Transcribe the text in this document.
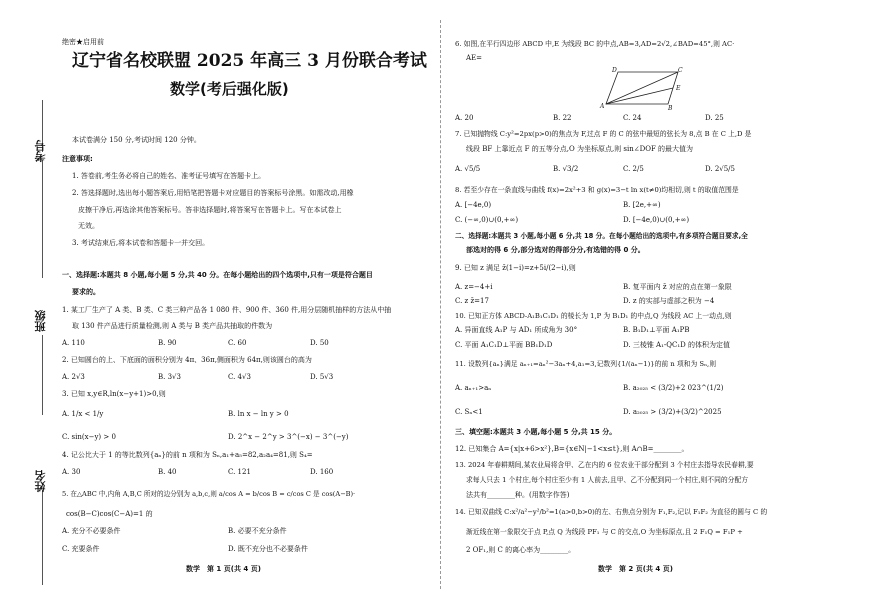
考号
班级
姓名
绝密★启用前
辽宁省名校联盟 2025 年高三 3 月份联合考试
数学(考后强化版)
本试卷满分 150 分,考试时间 120 分钟。
注意事项:
1. 答卷前,考生务必将自己的姓名、准考证号填写在答题卡上。
2. 答选择题时,选出每小题答案后,用铅笔把答题卡对应题目的答案标号涂黑。如需改动,用橡
皮擦干净后,再选涂其他答案标号。答非选择题时,将答案写在答题卡上。写在本试卷上
无效。
3. 考试结束后,将本试卷和答题卡一并交回。
一、选择题:本题共 8 小题,每小题 5 分,共 40 分。在每小题给出的四个选项中,只有一项是符合题目
要求的。
1. 某工厂生产了 A 类、B 类、C 类三种产品各 1 080 件、900 件、360 件,用分层随机抽样的方法从中抽
取 130 件产品进行质量检测,则 A 类与 B 类产品共抽取的件数为
A. 110	B. 90	C. 60	D. 50
2. 已知圆台的上、下底面的面积分别为 4π、36π,侧面积为 64π,则该圆台的高为
A. 2√3	B. 3√3	C. 4√3	D. 5√3
3. 已知 x,y∈R,ln(x−y+1)>0,则
A. 1/x < 1/y	B. ln x − ln y > 0
C. sin(x−y) > 0	D. 2^x − 2^y > 3^(−x) − 3^(−y)
4. 记公比大于 1 的等比数列{aₙ}的前 n 项和为 Sₙ,a₁+a₅=82,a₂a₄=81,则 S₄=
A. 30	B. 40	C. 121	D. 160
5. 在△ABC 中,内角 A,B,C 所对的边分别为 a,b,c,则 a/cos A = b/cos B = c/cos C 是 cos(A−B)·
cos(B−C)cos(C−A)=1 的
A. 充分不必要条件	B. 必要不充分条件
C. 充要条件	D. 既不充分也不必要条件
数学　第 1 页(共 4 页)
6. 如图,在平行四边形 ABCD 中,E 为线段 BC 的中点,AB=3,AD=2√2,∠BAD=45°,则 AC·
AE=
A	B
C
D
E
A. 20	B. 22	C. 24	D. 25
7. 已知抛物线 C:y²=2px(p>0)的焦点为 F,过点 F 的 C 的弦中最短的弦长为 8,点 B 在 C 上,D 是
线段 BF 上靠近点 F 的五等分点,O 为坐标原点,则 sin∠DOF 的最大值为
A. √5/5	B. √3/2	C. 2/5	D. 2√5/5
8. 若至少存在一条直线与曲线 f(x)=2x²+3 和 g(x)=3−t ln x(t≠0)均相切,则 t 的取值范围是
A. [−4e,0)	B. [2e,+∞)
C. (−∞,0)∪(0,+∞)	D. [−4e,0)∪(0,+∞)
二、选择题:本题共 3 小题,每小题 6 分,共 18 分。在每小题给出的选项中,有多项符合题目要求,全
部选对的得 6 分,部分选对的得部分分,有选错的得 0 分。
9. 已知 z 满足 z̄(1−i)=z+5i/(2−i),则
A. z=−4+i	B. 复平面内 z̄ 对应的点在第一象限
C. z z̄=17	D. z 的实部与虚部之积为 −4
10. 已知正方体 ABCD-A₁B₁C₁D₁ 的棱长为 1,P 为 B₁D₁ 的中点,Q 为线段 AC 上一动点,则
A. 异面直线 A₁P 与 AD₁ 所成角为 30°	B. B₁D₁⊥平面 A₁PB
C. 平面 A₁C₁D⊥平面 BB₁D₁D	D. 三棱锥 A₁-QC₁D 的体积为定值
11. 设数列{aₙ}满足 aₙ₊₁=aₙ²−3aₙ+4,a₁=3,记数列{1/(aₙ−1)}的前 n 项和为 Sₙ,则
A. aₙ₊₁>aₙ	B. a₂₀₂₅ < (3/2)+2 023^(1/2)
C. Sₙ<1	D. a₂₀₂₅ > (3/2)+(3/2)^2025
三、填空题:本题共 3 小题,每小题 5 分,共 15 分。
12. 已知集合 A={x|x+6>x²},B={x∈N|−1<x≤t},则 A∩B=________。
13. 2024 年春耕期间,某农业局将含甲、乙在内的 6 位农业干部分配到 3 个村庄去指导农民春耕,要
求每人只去 1 个村庄,每个村庄至少有 1 人前去,且甲、乙不分配到同一个村庄,则不同的分配方
法共有________种。(用数字作答)
14. 已知双曲线 C:x²/a²−y²/b²=1(a>0,b>0)的左、右焦点分别为 F₁,F₂,记以 F₁F₂ 为直径的圆与 C 的
渐近线在第一象限交于点 P,点 Q 为线段 PF₁ 与 C 的交点,O 为坐标原点,且 2 F₁Q = F₁P +
2 OF₁,则 C 的离心率为________。
数学　第 2 页(共 4 页)
